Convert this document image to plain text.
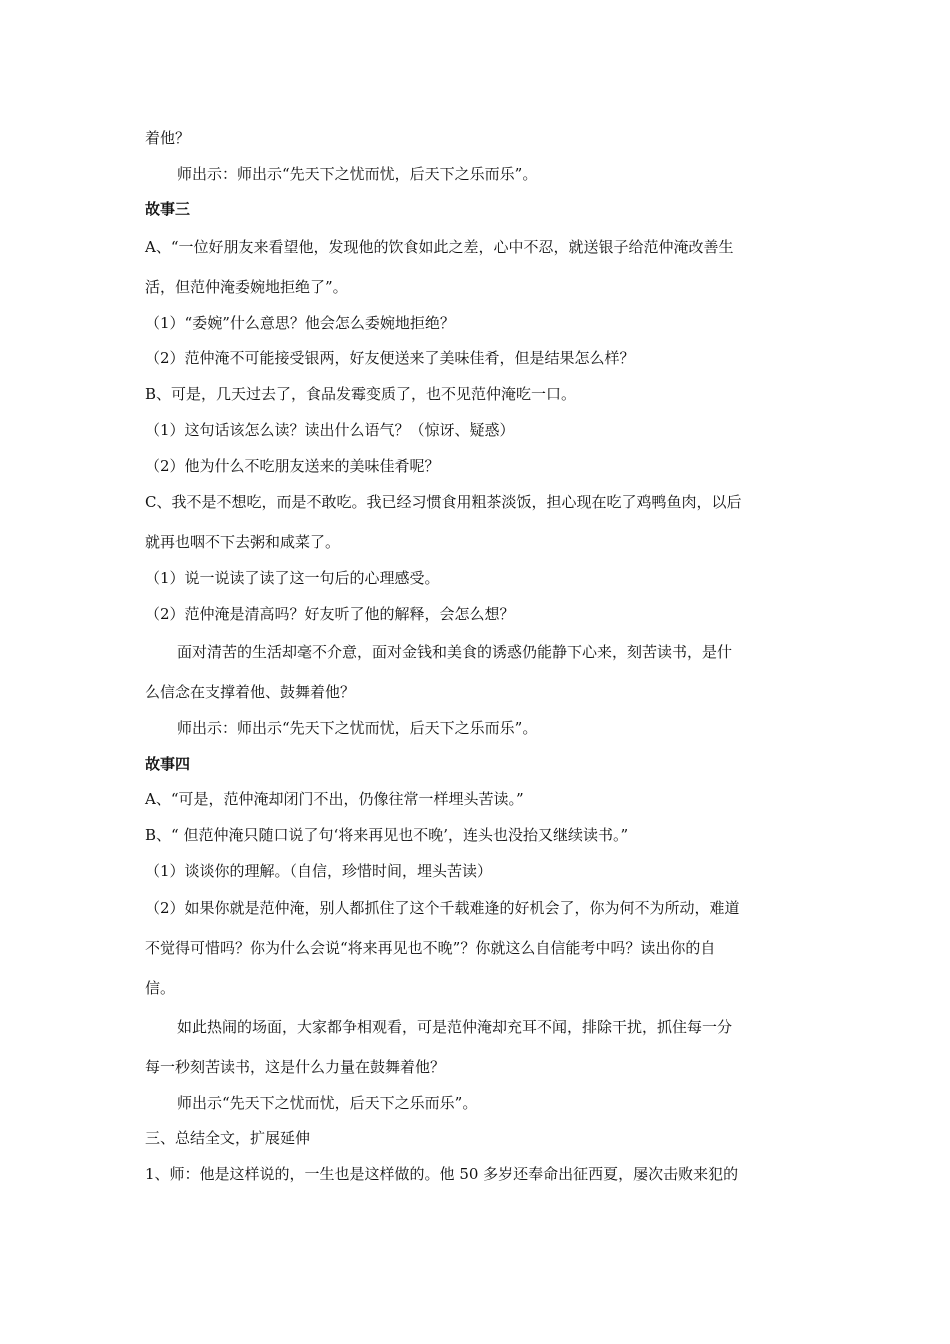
着他？
师出示：师出示“先天下之忧而忧，后天下之乐而乐”。
故事三
A、“一位好朋友来看望他，发现他的饮食如此之差，心中不忍，就送银子给范仲淹改善生
活，但范仲淹委婉地拒绝了”。
（1）“委婉”什么意思？他会怎么委婉地拒绝？
（2）范仲淹不可能接受银两，好友便送来了美味佳肴，但是结果怎么样？
B、可是，几天过去了，食品发霉变质了，也不见范仲淹吃一口。
（1）这句话该怎么读？读出什么语气？（惊讶、疑惑）
（2）他为什么不吃朋友送来的美味佳肴呢？
C、我不是不想吃，而是不敢吃。我已经习惯食用粗茶淡饭，担心现在吃了鸡鸭鱼肉，以后
就再也咽不下去粥和咸菜了。
（1）说一说读了读了这一句后的心理感受。
（2）范仲淹是清高吗？好友听了他的解释，会怎么想？
面对清苦的生活却毫不介意，面对金钱和美食的诱惑仍能静下心来，刻苦读书，是什
么信念在支撑着他、鼓舞着他？
师出示：师出示“先天下之忧而忧，后天下之乐而乐”。
故事四
A、“可是，范仲淹却闭门不出，仍像往常一样埋头苦读。”
B、“ 但范仲淹只随口说了句‘将来再见也不晚’，连头也没抬又继续读书。”
（1）谈谈你的理解。（自信，珍惜时间，埋头苦读）
（2）如果你就是范仲淹，别人都抓住了这个千载难逢的好机会了，你为何不为所动，难道
不觉得可惜吗？你为什么会说“将来再见也不晚”？你就这么自信能考中吗？读出你的自
信。
如此热闹的场面，大家都争相观看，可是范仲淹却充耳不闻，排除干扰，抓住每一分
每一秒刻苦读书，这是什么力量在鼓舞着他？
师出示“先天下之忧而忧，后天下之乐而乐”。
三、总结全文，扩展延伸
1、师：他是这样说的，一生也是这样做的。他 50 多岁还奉命出征西夏，屡次击败来犯的
